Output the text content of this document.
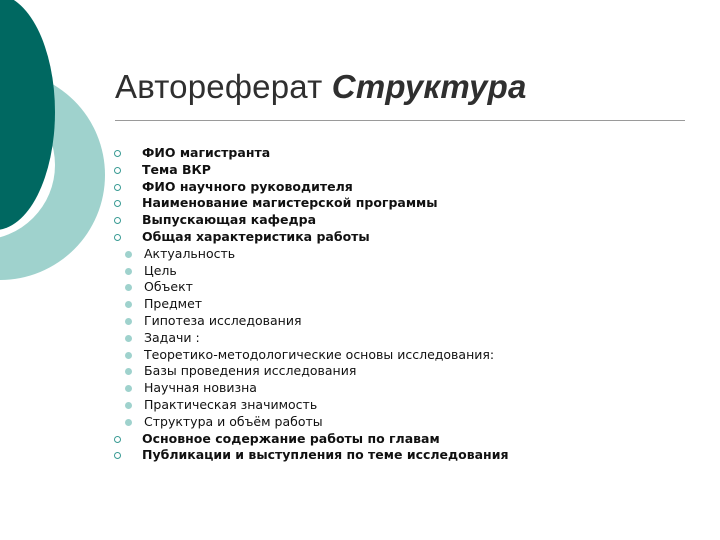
Автореферат Структура
ФИО магистранта
Тема ВКР
ФИО научного руководителя
Наименование магистерской программы
Выпускающая кафедра
Общая характеристика работы
Актуальность
Цель
Объект
Предмет
Гипотеза исследования
Задачи :
Теоретико-методологические основы исследования:
Базы проведения исследования
Научная новизна
Практическая значимость
Структура и объём работы
Основное содержание работы по главам
Публикации и выступления по теме исследования
